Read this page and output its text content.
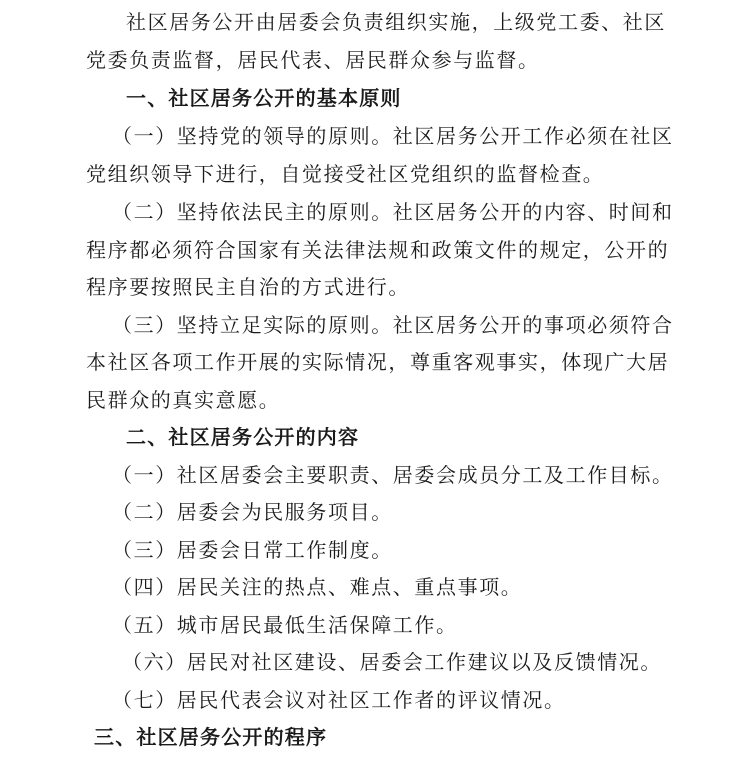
社区居务公开由居委会负责组织实施，上级党工委、社区
党委负责监督，居民代表、居民群众参与监督。
一、社区居务公开的基本原则
（一）坚持党的领导的原则。社区居务公开工作必须在社区
党组织领导下进行，自觉接受社区党组织的监督检查。
（二）坚持依法民主的原则。社区居务公开的内容、时间和
程序都必须符合国家有关法律法规和政策文件的规定，公开的
程序要按照民主自治的方式进行。
（三）坚持立足实际的原则。社区居务公开的事项必须符合
本社区各项工作开展的实际情况，尊重客观事实，体现广大居
民群众的真实意愿。
二、社区居务公开的内容
（一）社区居委会主要职责、居委会成员分工及工作目标。
（二）居委会为民服务项目。
（三）居委会日常工作制度。
（四）居民关注的热点、难点、重点事项。
（五）城市居民最低生活保障工作。
（六）居民对社区建设、居委会工作建议以及反馈情况。
（七）居民代表会议对社区工作者的评议情况。
三、社区居务公开的程序
